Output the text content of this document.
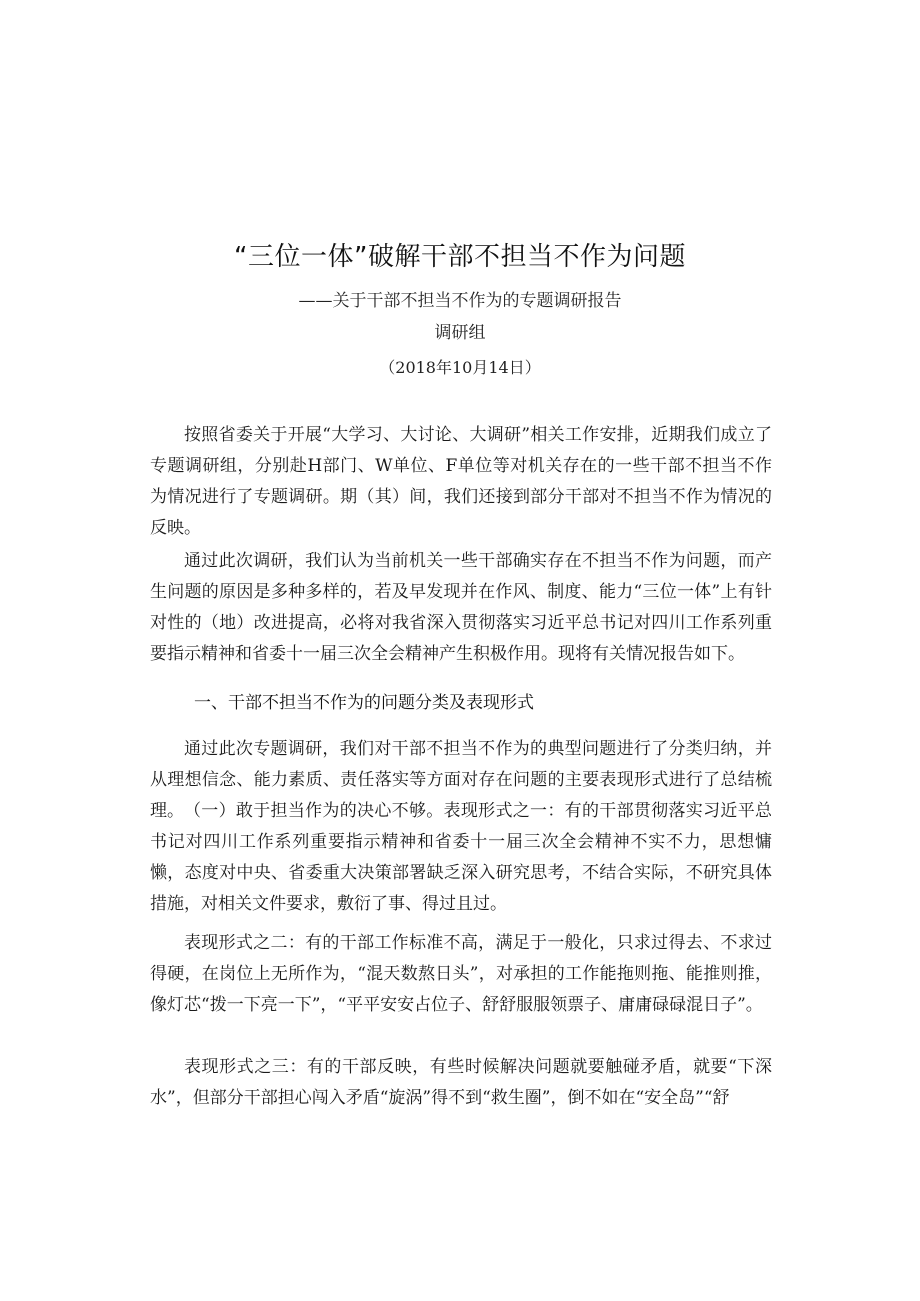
“三位一体”破解干部不担当不作为问题
——关于干部不担当不作为的专题调研报告
调研组
（2018年10月14日）

按照省委关于开展“大学习、大讨论、大调研”相关工作安排，近期我们成立了专题调研组，分别赴H部门、W单位、F单位等对机关存在的一些干部不担当不作为情况进行了专题调研。期（其）间，我们还接到部分干部对不担当不作为情况的反映。

通过此次调研，我们认为当前机关一些干部确实存在不担当不作为问题，而产生问题的原因是多种多样的，若及早发现并在作风、制度、能力“三位一体”上有针对性的（地）改进提高，必将对我省深入贯彻落实习近平总书记对四川工作系列重要指示精神和省委十一届三次全会精神产生积极作用。现将有关情况报告如下。

一、干部不担当不作为的问题分类及表现形式

通过此次专题调研，我们对干部不担当不作为的典型问题进行了分类归纳，并从理想信念、能力素质、责任落实等方面对存在问题的主要表现形式进行了总结梳理。 （一）敢于担当作为的决心不够。表现形式之一：有的干部贯彻落实习近平总书记对四川工作系列重要指示精神和省委十一届三次全会精神不实不力，思想慵懒，态度对中央、省委重大决策部署缺乏深入研究思考，不结合实际，不研究具体措施，对相关文件要求，敷衍了事、得过且过。

表现形式之二：有的干部工作标准不高，满足于一般化，只求过得去、不求过得硬，在岗位上无所作为，“混天数熬日头”，对承担的工作能拖则拖、能推则推，像灯芯“拨一下亮一下”，“平平安安占位子、舒舒服服领票子、庸庸碌碌混日子”。

表现形式之三：有的干部反映，有些时候解决问题就要触碰矛盾，就要“下深水”，但部分干部担心闯入矛盾“旋涡”得不到“救生圈”，倒不如在“安全岛”“舒
